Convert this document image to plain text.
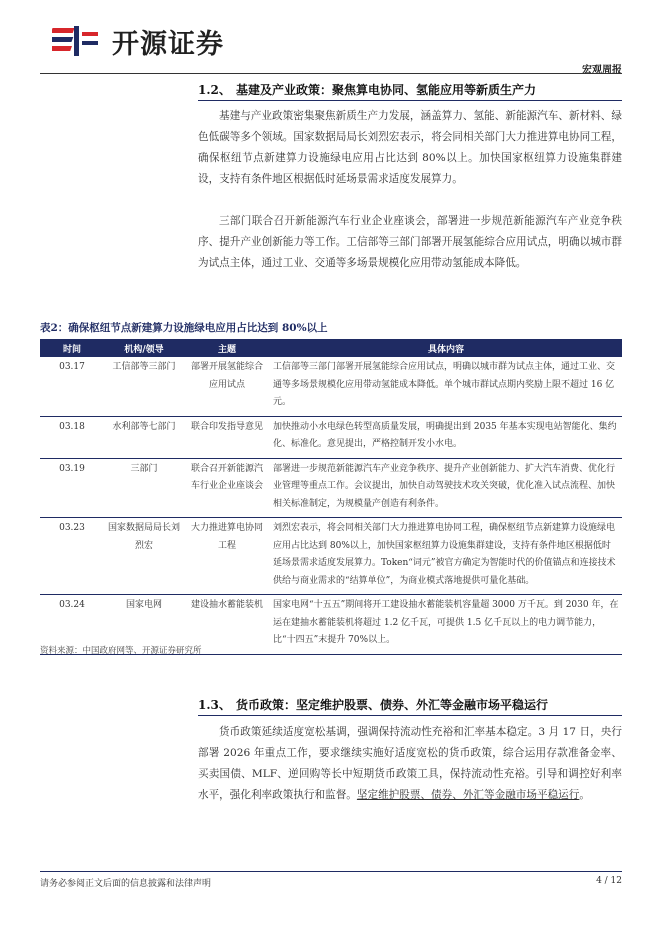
开源证券
宏观周报
1.2、 基建及产业政策：聚焦算电协同、氢能应用等新质生产力
基建与产业政策密集聚焦新质生产力发展，涵盖算力、氢能、新能源汽车、新材料、绿色低碳等多个领域。国家数据局局长刘烈宏表示，将会同相关部门大力推进算电协同工程，确保枢纽节点新建算力设施绿电应用占比达到 80%以上。加快国家枢纽算力设施集群建设，支持有条件地区根据低时延场景需求适度发展算力。
三部门联合召开新能源汽车行业企业座谈会，部署进一步规范新能源汽车产业竞争秩序、提升产业创新能力等工作。工信部等三部门部署开展氢能综合应用试点，明确以城市群为试点主体，通过工业、交通等多场景规模化应用带动氢能成本降低。
表2：确保枢纽节点新建算力设施绿电应用占比达到 80%以上
时间	机构/领导	主题	具体内容
03.17	工信部等三部门	部署开展氢能综合应用试点	工信部等三部门部署开展氢能综合应用试点，明确以城市群为试点主体，通过工业、交通等多场景规模化应用带动氢能成本降低。单个城市群试点期内奖励上限不超过 16 亿元。
03.18	水利部等七部门	联合印发指导意见	加快推动小水电绿色转型高质量发展，明确提出到 2035 年基本实现电站智能化、集约化、标准化。意见提出，严格控制开发小水电。
03.19	三部门	联合召开新能源汽车行业企业座谈会	部署进一步规范新能源汽车产业竞争秩序、提升产业创新能力、扩大汽车消费、优化行业管理等重点工作。会议提出，加快自动驾驶技术攻关突破，优化准入试点流程、加快相关标准制定，为规模量产创造有利条件。
03.23	国家数据局局长刘烈宏	大力推进算电协同工程	刘烈宏表示，将会同相关部门大力推进算电协同工程，确保枢纽节点新建算力设施绿电应用占比达到 80%以上，加快国家枢纽算力设施集群建设，支持有条件地区根据低时延场景需求适度发展算力。Token“词元”被官方确定为智能时代的价值锚点和连接技术供给与商业需求的“结算单位”，为商业模式落地提供可量化基础。
03.24	国家电网	建设抽水蓄能装机	国家电网“十五五”期间将开工建设抽水蓄能装机容量超 3000 万千瓦。到 2030 年，在运在建抽水蓄能装机将超过 1.2 亿千瓦，可提供 1.5 亿千瓦以上的电力调节能力，比“十四五”末提升 70%以上。
资料来源：中国政府网等、开源证券研究所
1.3、 货币政策：坚定维护股票、债券、外汇等金融市场平稳运行
货币政策延续适度宽松基调，强调保持流动性充裕和汇率基本稳定。3 月 17 日，央行部署 2026 年重点工作，要求继续实施好适度宽松的货币政策，综合运用存款准备金率、买卖国债、MLF、逆回购等长中短期货币政策工具，保持流动性充裕。引导和调控好利率水平，强化利率政策执行和监督。坚定维护股票、债券、外汇等金融市场平稳运行。
请务必参阅正文后面的信息披露和法律声明	4 / 12
